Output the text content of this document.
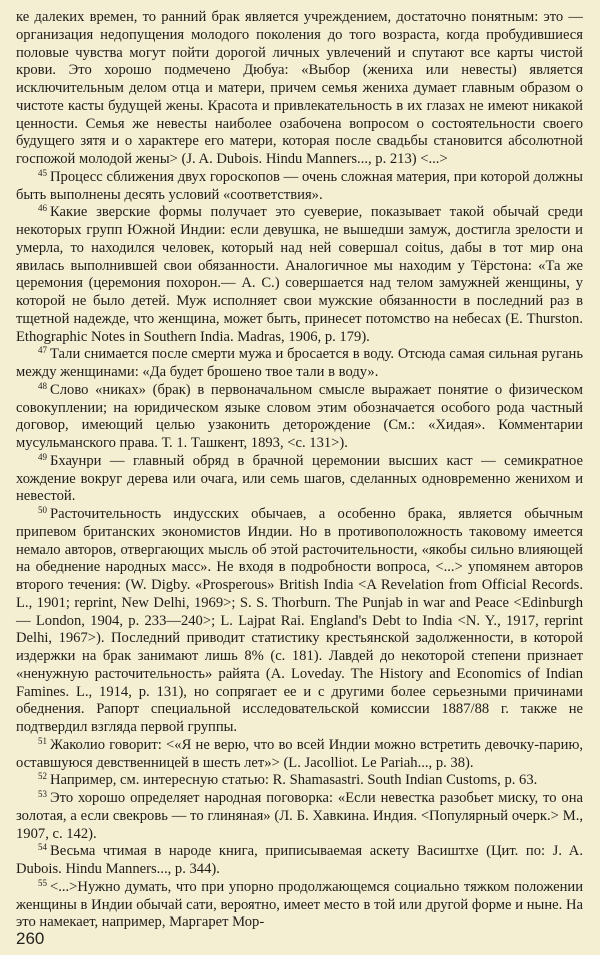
ке далеких времен, то ранний брак является учреждением, достаточно понятным: это — организация недопущения молодого поколения до того возраста, когда пробудившиеся половые чувства могут пойти дорогой личных увлечений и спутают все карты чистой крови. Это хорошо подмечено Дюбуа: «Выбор (жениха или невесты) является исключительным делом отца и матери, причем семья жениха думает главным образом о чистоте касты будущей жены. Красота и привлекательность в их глазах не имеют никакой ценности. Семья же невесты наиболее озабочена вопросом о состоятельности своего будущего зятя и о характере его матери, которая после свадьбы становится абсолютной госпожой молодой жены> (J. A. Dubois. Hindu Manners..., p. 213) <...>

$^{45}$ Процесс сближения двух гороскопов — очень сложная материя, при которой должны быть выполнены десять условий «соответствия».

$^{46}$ Какие зверские формы получает это суеверие, показывает такой обычай среди некоторых групп Южной Индии: если девушка, не вышедши замуж, достигла зрелости и умерла, то находился человек, который над ней совершал coitus, дабы в тот мир она явилась выполнившей свои обязанности. Аналогичное мы находим у Тёрстона: «Та же церемония (церемония похорон.— А. С.) совершается над телом замужней женщины, у которой не было детей. Муж исполняет свои мужские обязанности в последний раз в тщетной надежде, что женщина, может быть, принесет потомство на небесах (E. Thurston. Ethographic Notes in Southern India. Madras, 1906, p. 179).

$^{47}$ Тали снимается после смерти мужа и бросается в воду. Отсюда самая сильная ругань между женщинами: «Да будет брошено твое тали в воду».

$^{48}$ Слово «никах» (брак) в первоначальном смысле выражает понятие о физическом совокуплении; на юридическом языке словом этим обозначается особого рода частный договор, имеющий целью узаконить деторождение (См.: «Хидая». Комментарии мусульманского права. Т. 1. Ташкент, 1893, <с. 131>).

$^{49}$ Бхаунри — главный обряд в брачной церемонии высших каст — семикратное хождение вокруг дерева или очага, или семь шагов, сделанных одновременно женихом и невестой.

$^{50}$ Расточительность индусских обычаев, а особенно брака, является обычным припевом британских экономистов Индии. Но в противоположность таковому имеется немало авторов, отвергающих мысль об этой расточительности, «якобы сильно влияющей на обеднение народных масс». Не входя в подробности вопроса, <...> упомянем авторов второго течения: (W. Digby. «Prosperous» British India <A Revelation from Official Records. L., 1901; reprint, New Delhi, 1969>; S. S. Thorburn. The Punjab in war and Peace <Edinburgh — London, 1904, p. 233—240>; L. Lajpat Rai. England's Debt to India <N. Y., 1917, reprint Delhi, 1967>). Последний приводит статистику крестьянской задолженности, в которой издержки на брак занимают лишь 8% (с. 181). Лавдей до некоторой степени признает «ненужную расточительность» райята (A. Loveday. The History and Economics of Indian Famines. L., 1914, p. 131), но сопрягает ее и с другими более серьезными причинами обеднения. Рапорт специальной исследовательской комиссии 1887/88 г. также не подтвердил взгляда первой группы.

$^{51}$ Жаколио говорит: <«Я не верю, что во всей Индии можно встретить девочку-парию, оставшуюся девственницей в шесть лет»> (L. Jacolliot. Le Pariah..., p. 38).

$^{52}$ Например, см. интересную статью: R. Shamasastri. South Indian Customs, p. 63.

$^{53}$ Это хорошо определяет народная поговорка: «Если невестка разобьет миску, то она золотая, а если свекровь — то глиняная» (Л. Б. Хавкина. Индия. <Популярный очерк.> М., 1907, с. 142).

$^{54}$ Весьма чтимая в народе книга, приписываемая аскету Васиштхе (Цит. по: J. A. Dubois. Hindu Manners..., p. 344).

$^{55}$ <...>Нужно думать, что при упорно продолжающемся социально тяжком положении женщины в Индии обычай сати, вероятно, имеет место в той или другой форме и ныне. На это намекает, например, Маргарет Мор-

260
